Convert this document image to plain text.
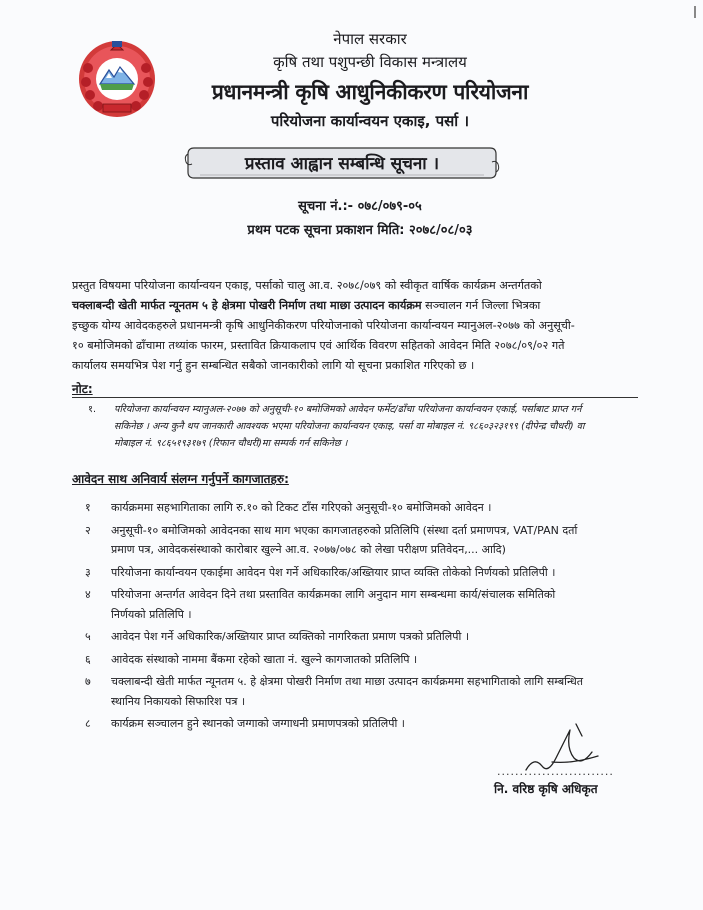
नेपाल सरकार
कृषि तथा पशुपन्छी विकास मन्त्रालय
प्रधानमन्त्री कृषि आधुनिकीकरण परियोजना
परियोजना कार्यान्वयन एकाइ, पर्सा ।
प्रस्ताव आह्वान सम्बन्धि सूचना ।
सूचना नं.:- ०७८/०७९-०५
प्रथम पटक सूचना प्रकाशन मिति: २०७८/०८/०३
प्रस्तुत विषयमा परियोजना कार्यान्वयन एकाइ, पर्साको चालु आ.व. २०७८/०७९ को स्वीकृत वार्षिक कार्यक्रम अन्तर्गतको
चक्लाबन्दी खेती मार्फत न्यूनतम ५ हे क्षेत्रमा पोखरी निर्माण तथा माछा उत्पादन कार्यक्रम सञ्चालन गर्न जिल्ला भित्रका
इच्छुक योग्य आवेदकहरुले प्रधानमन्त्री कृषि आधुनिकीकरण परियोजनाको परियोजना कार्यान्वयन म्यानुअल-२०७७ को अनुसूची-
१० बमोजिमको ढाँचामा तथ्यांक फारम, प्रस्तावित क्रियाकलाप एवं आर्थिक विवरण सहितको आवेदन मिति २०७८/०९/०२ गते
कार्यालय समयभित्र पेश गर्नु हुन सम्बन्धित सबैको जानकारीको लागि यो सूचना प्रकाशित गरिएको छ ।
नोट:
१. परियोजना कार्यान्वयन म्यानुअल-२०७७ को अनुसूची-१० बमोजिमको आवेदन फर्मेट/ढाँचा परियोजना कार्यान्वयन एकाई, पर्साबाट प्राप्त गर्न
सकिनेछ । अन्य कुनै थप जानकारी आवश्यक भएमा परियोजना कार्यान्वयन एकाइ, पर्सा वा मोबाइल नं. ९८६०३२३१९९ (दीपेन्द्र चौधरी) वा
मोबाइल नं. ९८६५१९३१७९ (रिफान चौधरी)मा सम्पर्क गर्न सकिनेछ ।
आवेदन साथ अनिवार्य संलग्न गर्नुपर्ने कागजातहरु:
१ कार्यक्रममा सहभागिताका लागि रु.१० को टिकट टाँस गरिएको अनुसूची-१० बमोजिमको आवेदन ।
२ अनुसूची-१० बमोजिमको आवेदनका साथ माग भएका कागजातहरुको प्रतिलिपि (संस्था दर्ता प्रमाणपत्र, VAT/PAN दर्ता
प्रमाण पत्र, आवेदकसंस्थाको कारोबार खुल्ने आ.व. २०७७/०७८ को लेखा परीक्षण प्रतिवेदन,... आदि)
३ परियोजना कार्यान्वयन एकाईमा आवेदन पेश गर्ने अधिकारिक/अख्तियार प्राप्त व्यक्ति तोकेको निर्णयको प्रतिलिपी ।
४ परियोजना अन्तर्गत आवेदन दिने तथा प्रस्तावित कार्यक्रमका लागि अनुदान माग सम्बन्धमा कार्य/संचालक समितिको
निर्णयको प्रतिलिपि ।
५ आवेदन पेश गर्ने अधिकारिक/अख्तियार प्राप्त व्यक्तिको नागरिकता प्रमाण पत्रको प्रतिलिपी ।
६ आवेदक संस्थाको नाममा बैंकमा रहेको खाता नं. खुल्ने कागजातको प्रतिलिपि ।
७ चक्लाबन्दी खेती मार्फत न्यूनतम ५. हे क्षेत्रमा पोखरी निर्माण तथा माछा उत्पादन कार्यक्रममा सहभागिताको लागि सम्बन्धित
स्थानिय निकायको सिफारिश पत्र ।
८ कार्यक्रम सञ्चालन हुने स्थानको जग्गाको जग्गाधनी प्रमाणपत्रको प्रतिलिपी ।
..........................
नि. वरिष्ठ कृषि अधिकृत
